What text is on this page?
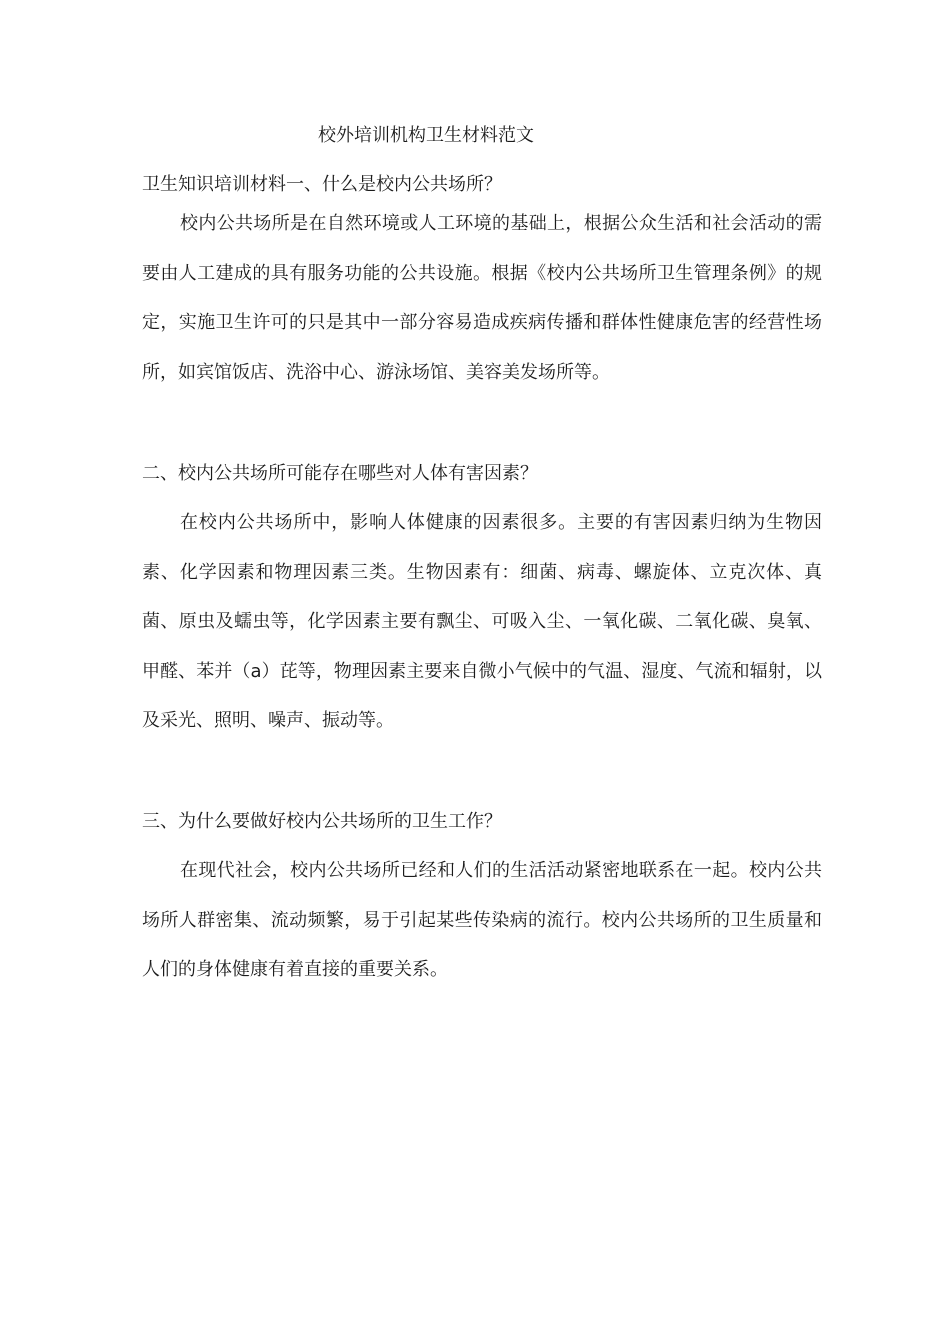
校外培训机构卫生材料范文
卫生知识培训材料一、什么是校内公共场所？

校内公共场所是在自然环境或人工环境的基础上，根据公众生活和社会活动的需要由人工建成的具有服务功能的公共设施。根据《校内公共场所卫生管理条例》的规定，实施卫生许可的只是其中一部分容易造成疾病传播和群体性健康危害的经营性场所，如宾馆饭店、洗浴中心、游泳场馆、美容美发场所等。

二、校内公共场所可能存在哪些对人体有害因素？

在校内公共场所中，影响人体健康的因素很多。主要的有害因素归纳为生物因素、化学因素和物理因素三类。生物因素有：细菌、病毒、螺旋体、立克次体、真菌、原虫及蠕虫等，化学因素主要有飘尘、可吸入尘、一氧化碳、二氧化碳、臭氧、甲醛、苯并（a）芘等，物理因素主要来自微小气候中的气温、湿度、气流和辐射，以及采光、照明、噪声、振动等。

三、为什么要做好校内公共场所的卫生工作？

在现代社会，校内公共场所已经和人们的生活活动紧密地联系在一起。校内公共场所人群密集、流动频繁，易于引起某些传染病的流行。校内公共场所的卫生质量和人们的身体健康有着直接的重要关系。
